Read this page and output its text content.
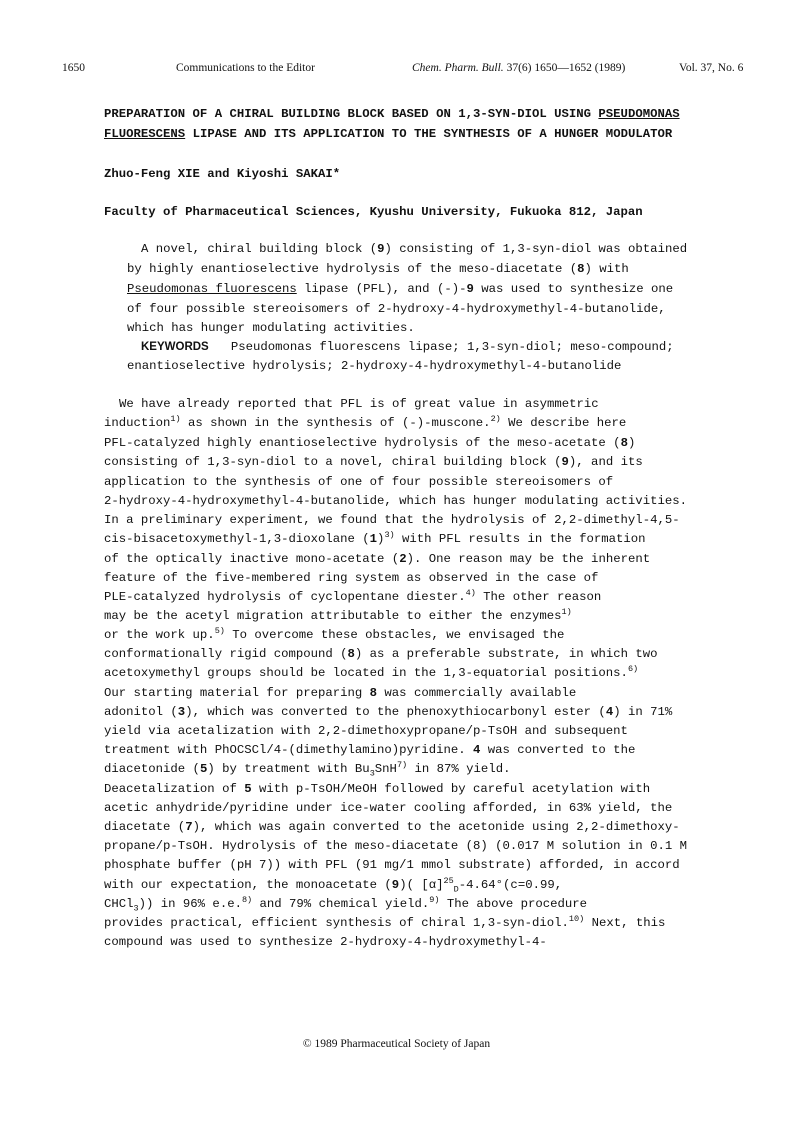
1650	Communications to the Editor	Chem. Pharm. Bull. 37(6) 1650—1652 (1989)	Vol. 37, No. 6
PREPARATION OF A CHIRAL BUILDING BLOCK BASED ON 1,3-SYN-DIOL USING PSEUDOMONAS
FLUORESCENS LIPASE AND ITS APPLICATION TO THE SYNTHESIS OF A HUNGER MODULATOR
Zhuo-Feng XIE and Kiyoshi SAKAI*
Faculty of Pharmaceutical Sciences, Kyushu University, Fukuoka 812, Japan
A novel, chiral building block (9) consisting of 1,3-syn-diol was obtained
by highly enantioselective hydrolysis of the meso-diacetate (8) with
Pseudomonas fluorescens lipase (PFL), and (-)-9 was used to synthesize one
of four possible stereoisomers of 2-hydroxy-4-hydroxymethyl-4-butanolide,
which has hunger modulating activities.
KEYWORDS   Pseudomonas fluorescens lipase; 1,3-syn-diol; meso-compound;
enantioselective hydrolysis; 2-hydroxy-4-hydroxymethyl-4-butanolide
We have already reported that PFL is of great value in asymmetric
induction$^{1)}$ as shown in the synthesis of (-)-muscone.$^{2)}$ We describe here
PFL-catalyzed highly enantioselective hydrolysis of the meso-acetate (8)
consisting of 1,3-syn-diol to a novel, chiral building block (9), and its
application to the synthesis of one of four possible stereoisomers of
2-hydroxy-4-hydroxymethyl-4-butanolide, which has hunger modulating activities.
In a preliminary experiment, we found that the hydrolysis of 2,2-dimethyl-4,5-
cis-bisacetoxymethyl-1,3-dioxolane $(1)^{3)}$ with PFL results in the formation
of the optically inactive mono-acetate (2). One reason may be the inherent
feature of the five-membered ring system as observed in the case of
PLE-catalyzed hydrolysis of cyclopentane diester.$^{4)}$ The other reason
may be the acetyl migration attributable to either the enzymes$^{1)}$
or the work up.$^{5)}$ To overcome these obstacles, we envisaged the
conformationally rigid compound (8) as a preferable substrate, in which two
acetoxymethyl groups should be located in the 1,3-equatorial positions.$^{6)}$
Our starting material for preparing 8 was commercially available
adonitol (3), which was converted to the phenoxythiocarbonyl ester (4) in 71%
yield via acetalization with 2,2-dimethoxypropane/p-TsOH and subsequent
treatment with PhOCSCl/4-(dimethylamino)pyridine. 4 was converted to the
diacetonide (5) by treatment with $Bu_3SnH^{7)}$ in 87% yield.
Deacetalization of 5 with p-TsOH/MeOH followed by careful acetylation with
acetic anhydride/pyridine under ice-water cooling afforded, in 63% yield, the
diacetate (7), which was again converted to the acetonide using 2,2-dimethoxy-
propane/p-TsOH. Hydrolysis of the meso-diacetate (8) (0.017 M solution in 0.1 M
phosphate buffer (pH 7)) with PFL (91 mg/1 mmol substrate) afforded, in accord
with our expectation, the monoacetate (9)( $[\alpha]^{25}_D-4.64^\circ(c=0.99$,
CHCl$_3$)) in 96% e.e.$^{8)}$ and 79% chemical yield.$^{9)}$ The above procedure
provides practical, efficient synthesis of chiral 1,3-syn-diol.$^{10)}$ Next, this
compound was used to synthesize 2-hydroxy-4-hydroxymethyl-4-
© 1989 Pharmaceutical Society of Japan
